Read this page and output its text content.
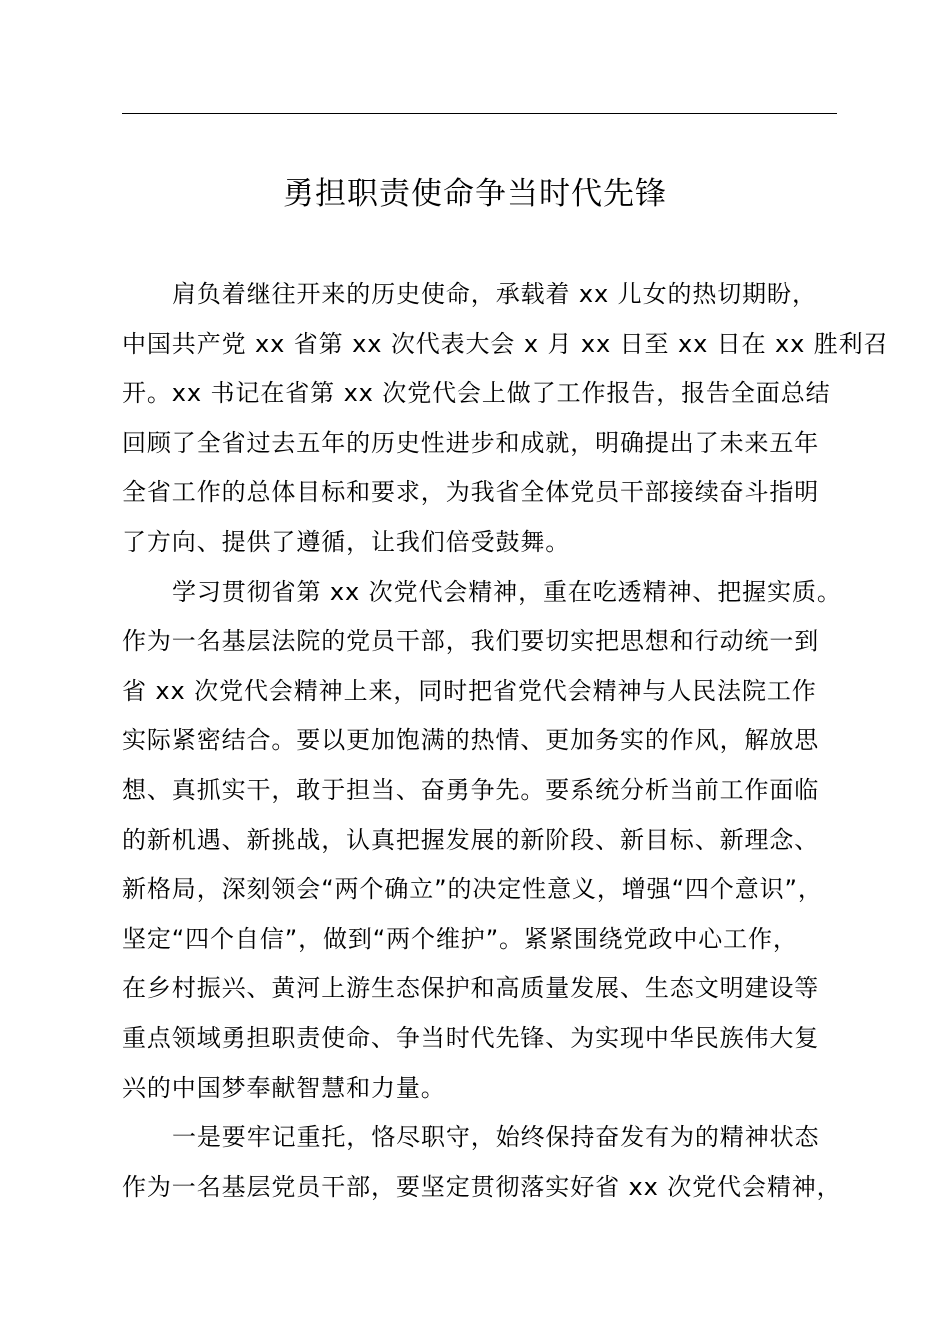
勇担职责使命争当时代先锋
肩负着继往开来的历史使命，承载着 xx 儿女的热切期盼，
中国共产党 xx 省第 xx 次代表大会 x 月 xx 日至 xx 日在 xx 胜利召
开。xx 书记在省第 xx 次党代会上做了工作报告，报告全面总结
回顾了全省过去五年的历史性进步和成就，明确提出了未来五年
全省工作的总体目标和要求，为我省全体党员干部接续奋斗指明
了方向、提供了遵循，让我们倍受鼓舞。
学习贯彻省第 xx 次党代会精神，重在吃透精神、把握实质。
作为一名基层法院的党员干部，我们要切实把思想和行动统一到
省 xx 次党代会精神上来，同时把省党代会精神与人民法院工作
实际紧密结合。要以更加饱满的热情、更加务实的作风，解放思
想、真抓实干，敢于担当、奋勇争先。要系统分析当前工作面临
的新机遇、新挑战，认真把握发展的新阶段、新目标、新理念、
新格局，深刻领会“两个确立”的决定性意义，增强“四个意识”，
坚定“四个自信”，做到“两个维护”。紧紧围绕党政中心工作，
在乡村振兴、黄河上游生态保护和高质量发展、生态文明建设等
重点领域勇担职责使命、争当时代先锋、为实现中华民族伟大复
兴的中国梦奉献智慧和力量。
一是要牢记重托，恪尽职守，始终保持奋发有为的精神状态
作为一名基层党员干部，要坚定贯彻落实好省 xx 次党代会精神，
